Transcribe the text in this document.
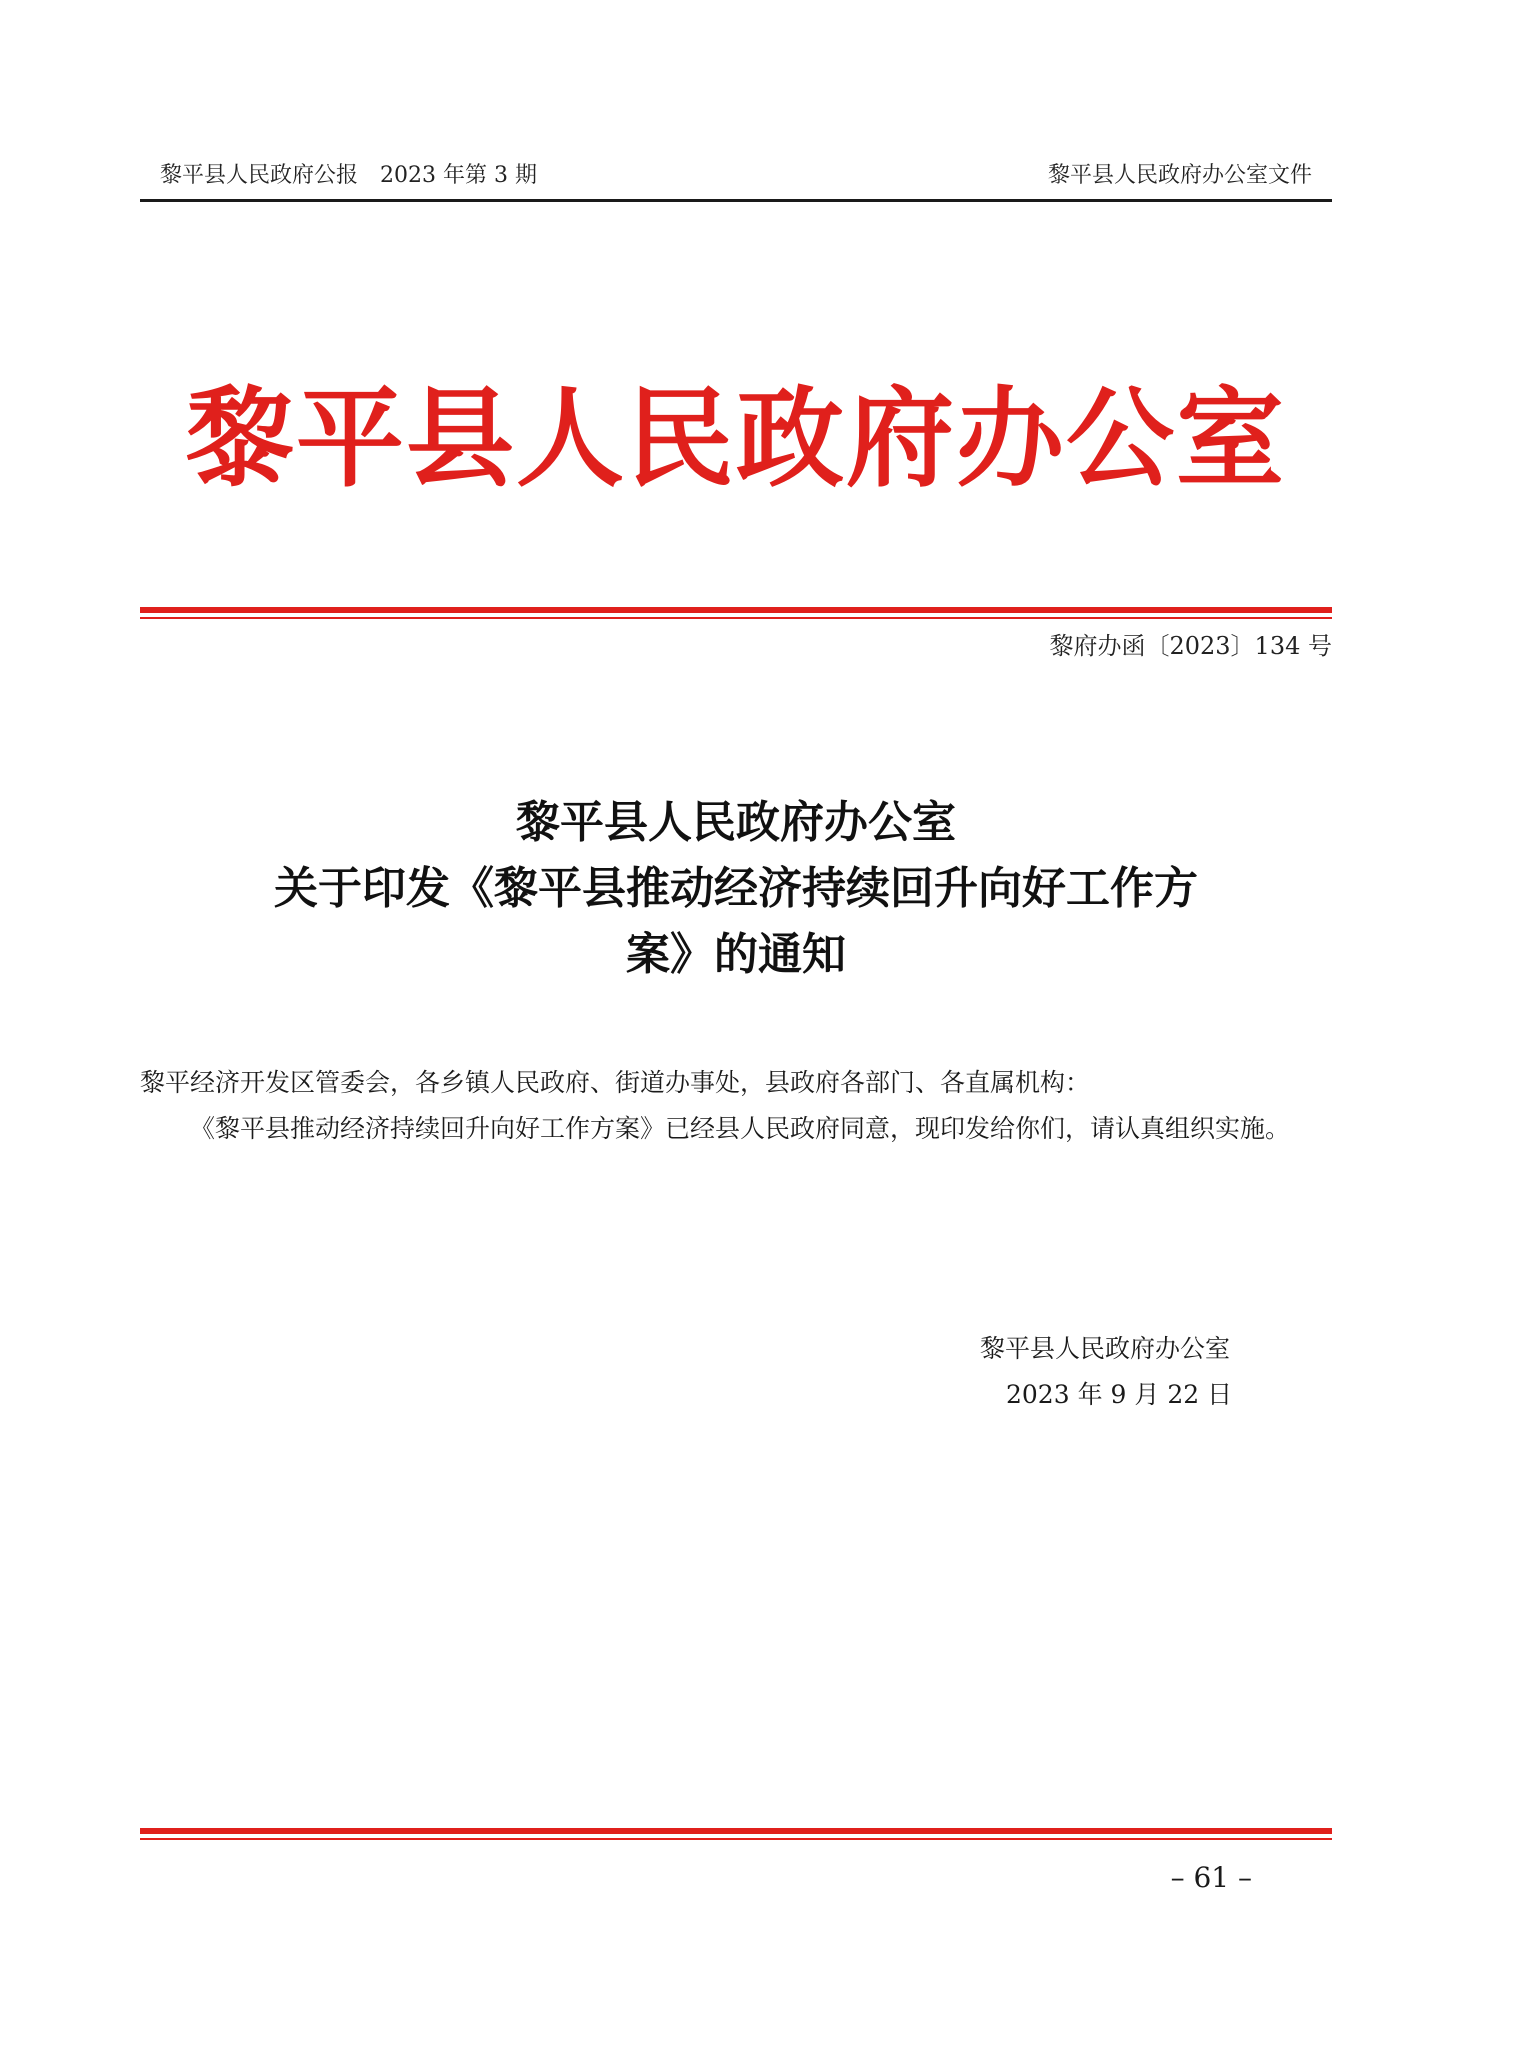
黎平县人民政府公报　2023 年第 3 期	黎平县人民政府办公室文件
黎平县人民政府办公室
黎府办函〔2023〕134 号
黎平县人民政府办公室
关于印发《黎平县推动经济持续回升向好工作方
案》的通知

黎平经济开发区管委会，各乡镇人民政府、街道办事处，县政府各部门、各直属机构：

《黎平县推动经济持续回升向好工作方案》已经县人民政府同意，现印发给你们，请认真组织实施。

黎平县人民政府办公室
2023 年 9 月 22 日
– 61 –
